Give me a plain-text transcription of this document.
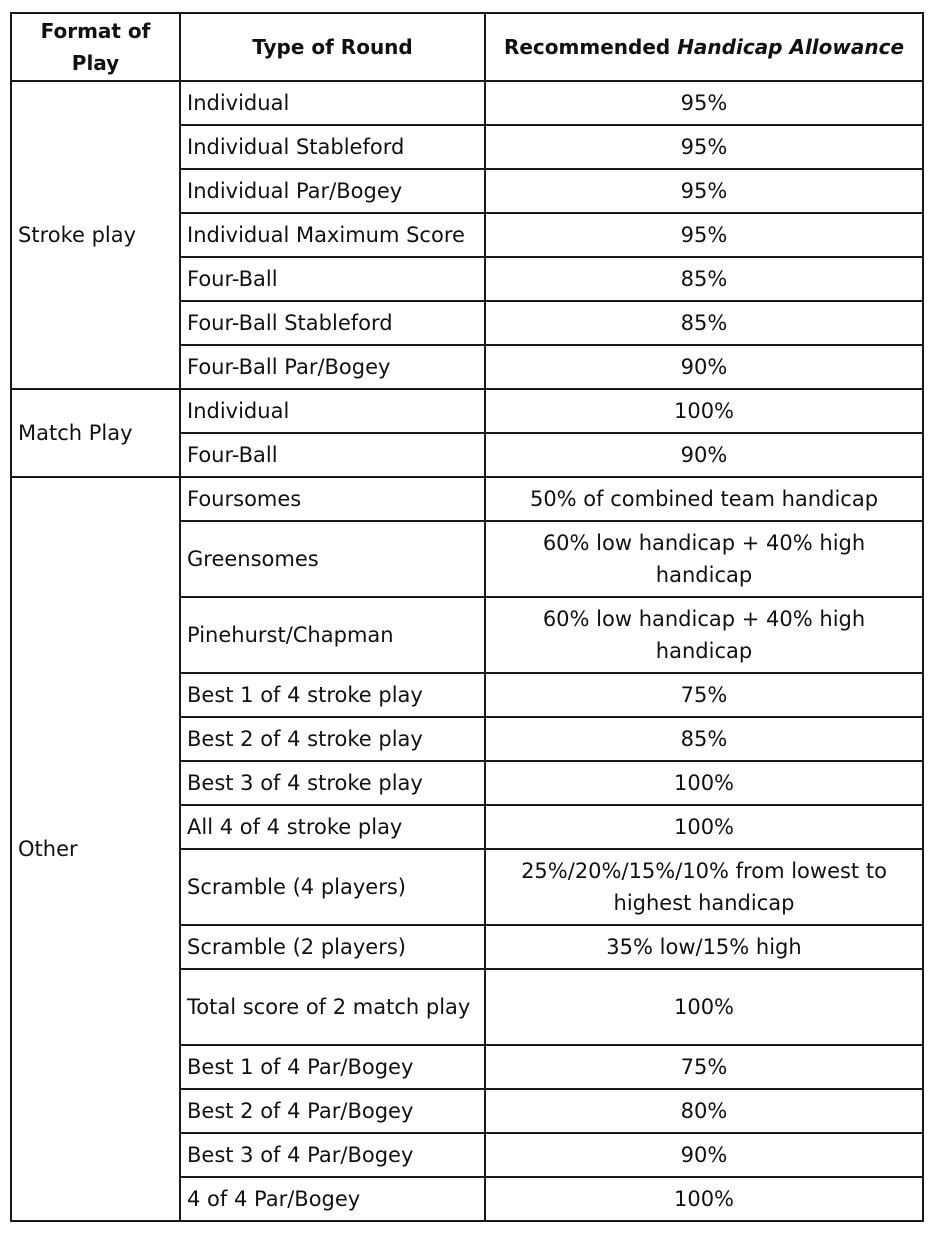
Format of Play	Type of Round	Recommended Handicap Allowance
Stroke play	Individual	95%
	Individual Stableford	95%
	Individual Par/Bogey	95%
	Individual Maximum Score	95%
	Four-Ball	85%
	Four-Ball Stableford	85%
	Four-Ball Par/Bogey	90%
Match Play	Individual	100%
	Four-Ball	90%
Other	Foursomes	50% of combined team handicap
	Greensomes	60% low handicap + 40% high handicap
	Pinehurst/Chapman	60% low handicap + 40% high handicap
	Best 1 of 4 stroke play	75%
	Best 2 of 4 stroke play	85%
	Best 3 of 4 stroke play	100%
	All 4 of 4 stroke play	100%
	Scramble (4 players)	25%/20%/15%/10% from lowest to highest handicap
	Scramble (2 players)	35% low/15% high
	Total score of 2 match play	100%
	Best 1 of 4 Par/Bogey	75%
	Best 2 of 4 Par/Bogey	80%
	Best 3 of 4 Par/Bogey	90%
	4 of 4 Par/Bogey	100%
